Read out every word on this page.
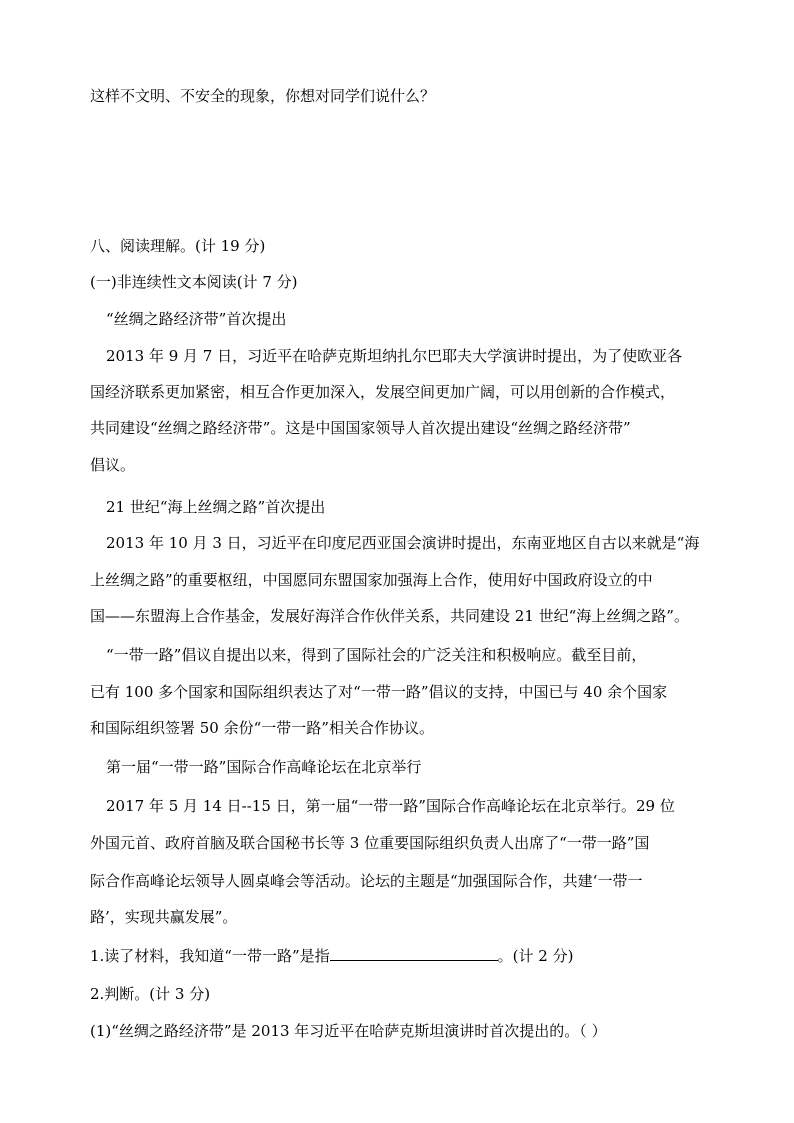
这样不文明、不安全的现象，你想对同学们说什么？
八、阅读理解。(计 19 分)
(一)非连续性文本阅读(计 7 分)
“丝绸之路经济带”首次提出
2013 年 9 月 7 日，习近平在哈萨克斯坦纳扎尔巴耶夫大学演讲时提出，为了使欧亚各
国经济联系更加紧密，相互合作更加深入，发展空间更加广阔，可以用创新的合作模式，
共同建设“丝绸之路经济带”。这是中国国家领导人首次提出建设“丝绸之路经济带”
倡议。
21 世纪“海上丝绸之路”首次提出
2013 年 10 月 3 日，习近平在印度尼西亚国会演讲时提出，东南亚地区自古以来就是“海
上丝绸之路”的重要枢纽，中国愿同东盟国家加强海上合作，使用好中国政府设立的中
国——东盟海上合作基金，发展好海洋合作伙伴关系，共同建设 21 世纪“海上丝绸之路”。
“一带一路”倡议自提出以来，得到了国际社会的广泛关注和积极响应。截至目前，
已有 100 多个国家和国际组织表达了对“一带一路”倡议的支持，中国已与 40 余个国家
和国际组织签署 50 余份“一带一路”相关合作协议。
第一届“一带一路”国际合作高峰论坛在北京举行
2017 年 5 月 14 日--15 日，第一届“一带一路”国际合作高峰论坛在北京举行。29 位
外国元首、政府首脑及联合国秘书长等 3 位重要国际组织负责人出席了“一带一路”国
际合作高峰论坛领导人圆桌峰会等活动。论坛的主题是“加强国际合作，共建‘一带一
路’，实现共赢发展”。
1.读了材料，我知道“一带一路”是指	。(计 2 分)
2.判断。(计 3 分)
(1)“丝绸之路经济带”是 2013 年习近平在哈萨克斯坦演讲时首次提出的。（ ）
